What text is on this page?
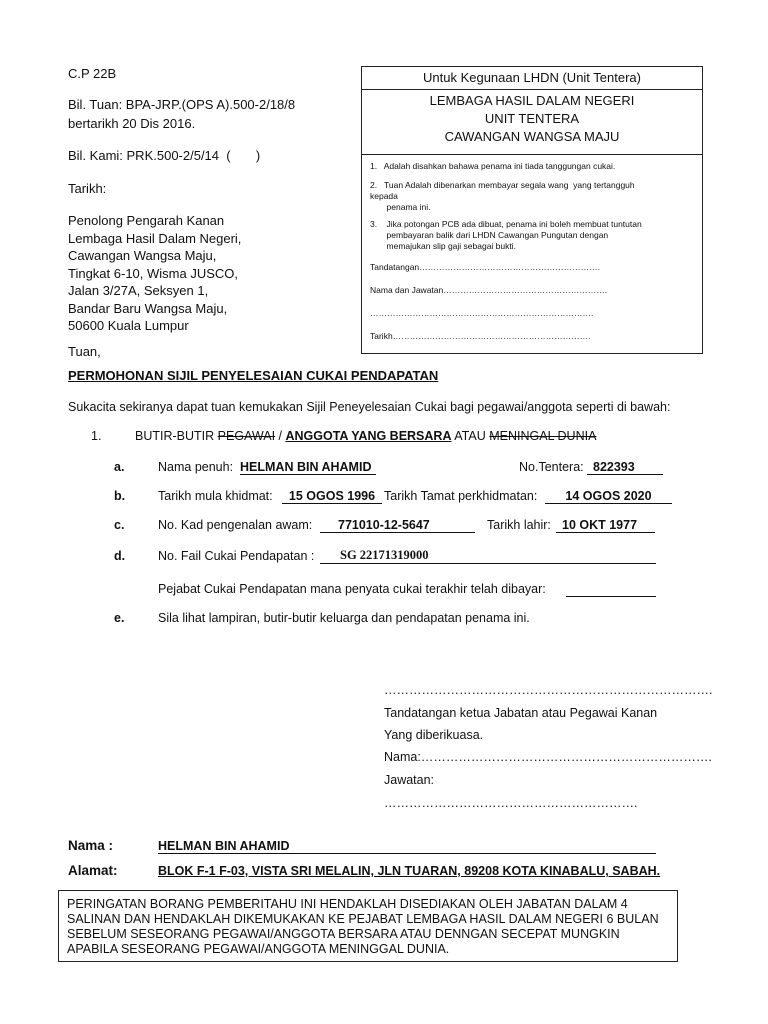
C.P 22B
Bil. Tuan: BPA-JRP.(OPS A).500-2/18/8
bertarikh 20 Dis 2016.
Bil. Kami: PRK.500-2/5/14  (       )
Tarikh:
Penolong Pengarah Kanan
Lembaga Hasil Dalam Negeri,
Cawangan Wangsa Maju,
Tingkat 6-10, Wisma JUSCO,
Jalan 3/27A, Seksyen 1,
Bandar Baru Wangsa Maju,
50600 Kuala Lumpur
Tuan,
Untuk Kegunaan LHDN (Unit Tentera)
LEMBAGA HASIL DALAM NEGERI
UNIT TENTERA
CAWANGAN WANGSA MAJU
1.   Adalah disahkan bahawa penama ini tiada tanggungan cukai.
2.   Tuan Adalah dibenarkan membayar segala wang  yang tertangguh
kepada
penama ini.
3.    Jika potongan PCB ada dibuat, penama ini boleh membuat tuntutan
pembayaran balik dari LHDN Cawangan Pungutan dengan
memajukan slip gaji sebagai bukti.
Tandatangan……………………………………………………….
Nama dan Jawatan………………………………………………….
…………………………………………………………………….
Tarikh…………………………………………………………….
PERMOHONAN SIJIL PENYELESAIAN CUKAI PENDAPATAN
Sukacita sekiranya dapat tuan kemukakan Sijil Peneyelesaian Cukai bagi pegawai/anggota seperti di bawah:
1.	BUTIR-BUTIR PEGAWAI / ANGGOTA YANG BERSARA ATAU MENINGAL DUNIA
a.	Nama penuh: HELMAN BIN AHAMID	No.Tentera: 822393
b.	Tarikh mula khidmat:	15 OGOS 1996 Tarikh Tamat perkhidmatan:	14 OGOS 2020
c.	No. Kad pengenalan awam:	771010-12-5647	Tarikh lahir: 10 OKT 1977
d.	No. Fail Cukai Pendapatan :	SG 22171319000
Pejabat Cukai Pendapatan mana penyata cukai terakhir telah dibayar:
e.	Sila lihat lampiran, butir-butir keluarga dan pendapatan penama ini.
…………………………………………………………………….
Tandatangan ketua Jabatan atau Pegawai Kanan
Yang diberikuasa.
Nama:…………………………………………………………….
Jawatan:
…………………………………………………….
Nama :	HELMAN BIN AHAMID
Alamat:	BLOK F-1 F-03, VISTA SRI MELALIN, JLN TUARAN, 89208 KOTA KINABALU, SABAH.
PERINGATAN BORANG PEMBERITAHU INI HENDAKLAH DISEDIAKAN OLEH JABATAN DALAM 4 SALINAN DAN HENDAKLAH DIKEMUKAKAN KE PEJABAT LEMBAGA HASIL DALAM NEGERI 6 BULAN SEBELUM SESEORANG PEGAWAI/ANGGOTA BERSARA ATAU DENNGAN SECEPAT MUNGKIN APABILA SESEORANG PEGAWAI/ANGGOTA MENINGGAL DUNIA.
